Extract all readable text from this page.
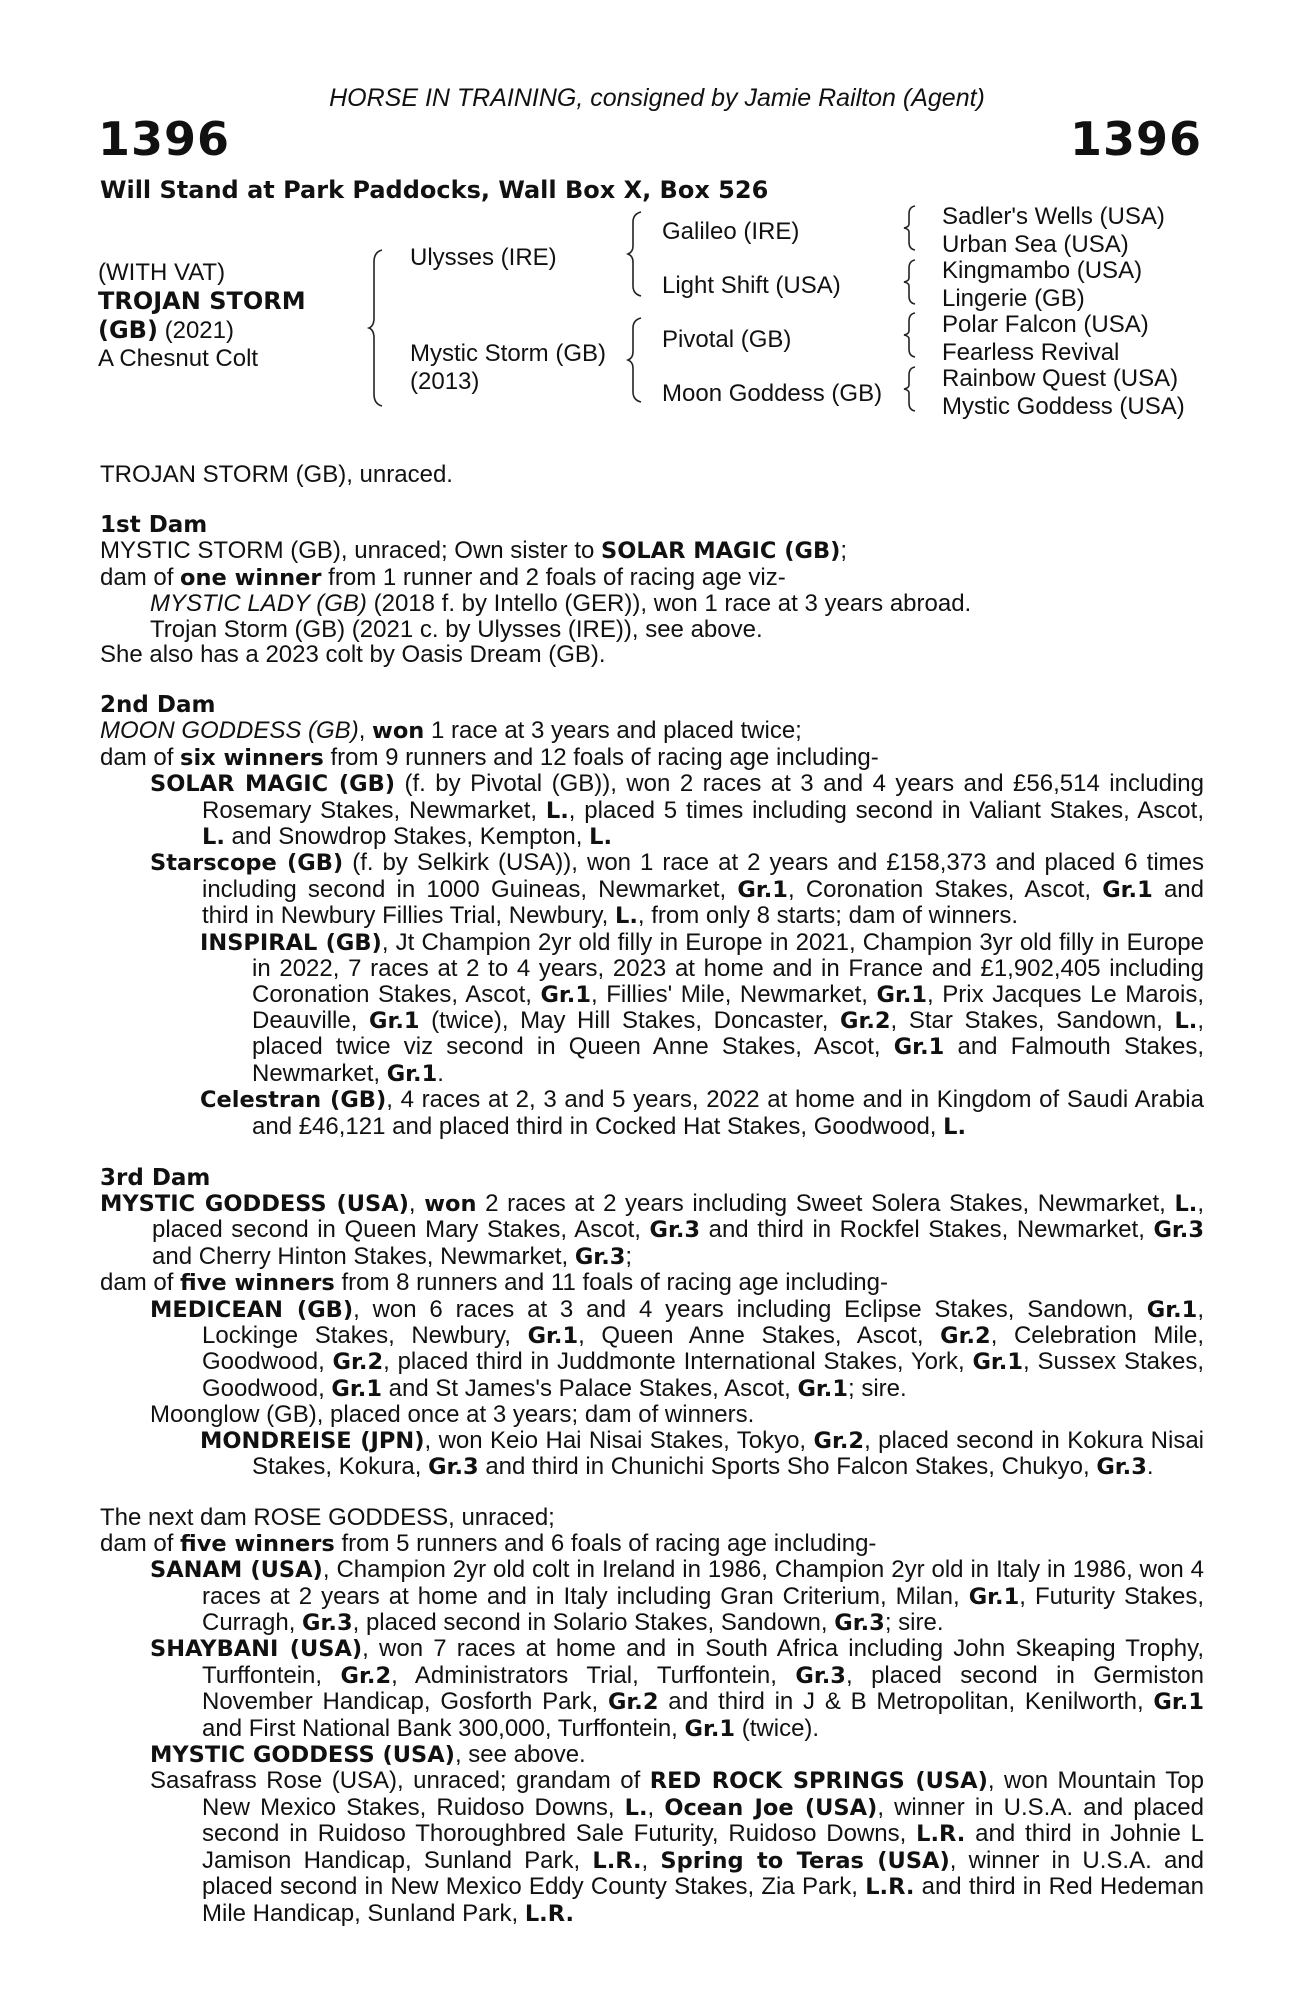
HORSE IN TRAINING, consigned by Jamie Railton (Agent)
1396	1396
Will Stand at Park Paddocks, Wall Box X, Box 526
(WITH VAT)
TROJAN STORM
(GB) (2021)
A Chesnut Colt
Ulysses (IRE)
Mystic Storm (GB)
(2013)
Galileo (IRE)
Light Shift (USA)
Pivotal (GB)
Moon Goddess (GB)
Sadler's Wells (USA)
Urban Sea (USA)
Kingmambo (USA)
Lingerie (GB)
Polar Falcon (USA)
Fearless Revival
Rainbow Quest (USA)
Mystic Goddess (USA)

TROJAN STORM (GB), unraced.

1st Dam

MYSTIC STORM (GB), unraced; Own sister to SOLAR MAGIC (GB);

dam of one winner from 1 runner and 2 foals of racing age viz-

MYSTIC LADY (GB) (2018 f. by Intello (GER)), won 1 race at 3 years abroad.

Trojan Storm (GB) (2021 c. by Ulysses (IRE)), see above.

She also has a 2023 colt by Oasis Dream (GB).

2nd Dam

MOON GODDESS (GB), won 1 race at 3 years and placed twice;

dam of six winners from 9 runners and 12 foals of racing age including-

SOLAR MAGIC (GB) (f. by Pivotal (GB)), won 2 races at 3 and 4 years and £56,514 including Rosemary Stakes, Newmarket, L., placed 5 times including second in Valiant Stakes, Ascot, L. and Snowdrop Stakes, Kempton, L.

Starscope (GB) (f. by Selkirk (USA)), won 1 race at 2 years and £158,373 and placed 6 times including second in 1000 Guineas, Newmarket, Gr.1, Coronation Stakes, Ascot, Gr.1 and third in Newbury Fillies Trial, Newbury, L., from only 8 starts; dam of winners.

INSPIRAL (GB), Jt Champion 2yr old filly in Europe in 2021, Champion 3yr old filly in Europe in 2022, 7 races at 2 to 4 years, 2023 at home and in France and £1,902,405 including Coronation Stakes, Ascot, Gr.1, Fillies' Mile, Newmarket, Gr.1, Prix Jacques Le Marois, Deauville, Gr.1 (twice), May Hill Stakes, Doncaster, Gr.2, Star Stakes, Sandown, L., placed twice viz second in Queen Anne Stakes, Ascot, Gr.1 and Falmouth Stakes, Newmarket, Gr.1.

Celestran (GB), 4 races at 2, 3 and 5 years, 2022 at home and in Kingdom of Saudi Arabia and £46,121 and placed third in Cocked Hat Stakes, Goodwood, L.

3rd Dam

MYSTIC GODDESS (USA), won 2 races at 2 years including Sweet Solera Stakes, Newmarket, L., placed second in Queen Mary Stakes, Ascot, Gr.3 and third in Rockfel Stakes, Newmarket, Gr.3 and Cherry Hinton Stakes, Newmarket, Gr.3;

dam of five winners from 8 runners and 11 foals of racing age including-

MEDICEAN (GB), won 6 races at 3 and 4 years including Eclipse Stakes, Sandown, Gr.1, Lockinge Stakes, Newbury, Gr.1, Queen Anne Stakes, Ascot, Gr.2, Celebration Mile, Goodwood, Gr.2, placed third in Juddmonte International Stakes, York, Gr.1, Sussex Stakes, Goodwood, Gr.1 and St James's Palace Stakes, Ascot, Gr.1; sire.

Moonglow (GB), placed once at 3 years; dam of winners.

MONDREISE (JPN), won Keio Hai Nisai Stakes, Tokyo, Gr.2, placed second in Kokura Nisai Stakes, Kokura, Gr.3 and third in Chunichi Sports Sho Falcon Stakes, Chukyo, Gr.3.

The next dam ROSE GODDESS, unraced;

dam of five winners from 5 runners and 6 foals of racing age including-

SANAM (USA), Champion 2yr old colt in Ireland in 1986, Champion 2yr old in Italy in 1986, won 4 races at 2 years at home and in Italy including Gran Criterium, Milan, Gr.1, Futurity Stakes, Curragh, Gr.3, placed second in Solario Stakes, Sandown, Gr.3; sire.

SHAYBANI (USA), won 7 races at home and in South Africa including John Skeaping Trophy, Turffontein, Gr.2, Administrators Trial, Turffontein, Gr.3, placed second in Germiston November Handicap, Gosforth Park, Gr.2 and third in J & B Metropolitan, Kenilworth, Gr.1 and First National Bank 300,000, Turffontein, Gr.1 (twice).

MYSTIC GODDESS (USA), see above.

Sasafrass Rose (USA), unraced; grandam of RED ROCK SPRINGS (USA), won Mountain Top New Mexico Stakes, Ruidoso Downs, L., Ocean Joe (USA), winner in U.S.A. and placed second in Ruidoso Thoroughbred Sale Futurity, Ruidoso Downs, L.R. and third in Johnie L Jamison Handicap, Sunland Park, L.R., Spring to Teras (USA), winner in U.S.A. and placed second in New Mexico Eddy County Stakes, Zia Park, L.R. and third in Red Hedeman Mile Handicap, Sunland Park, L.R.
